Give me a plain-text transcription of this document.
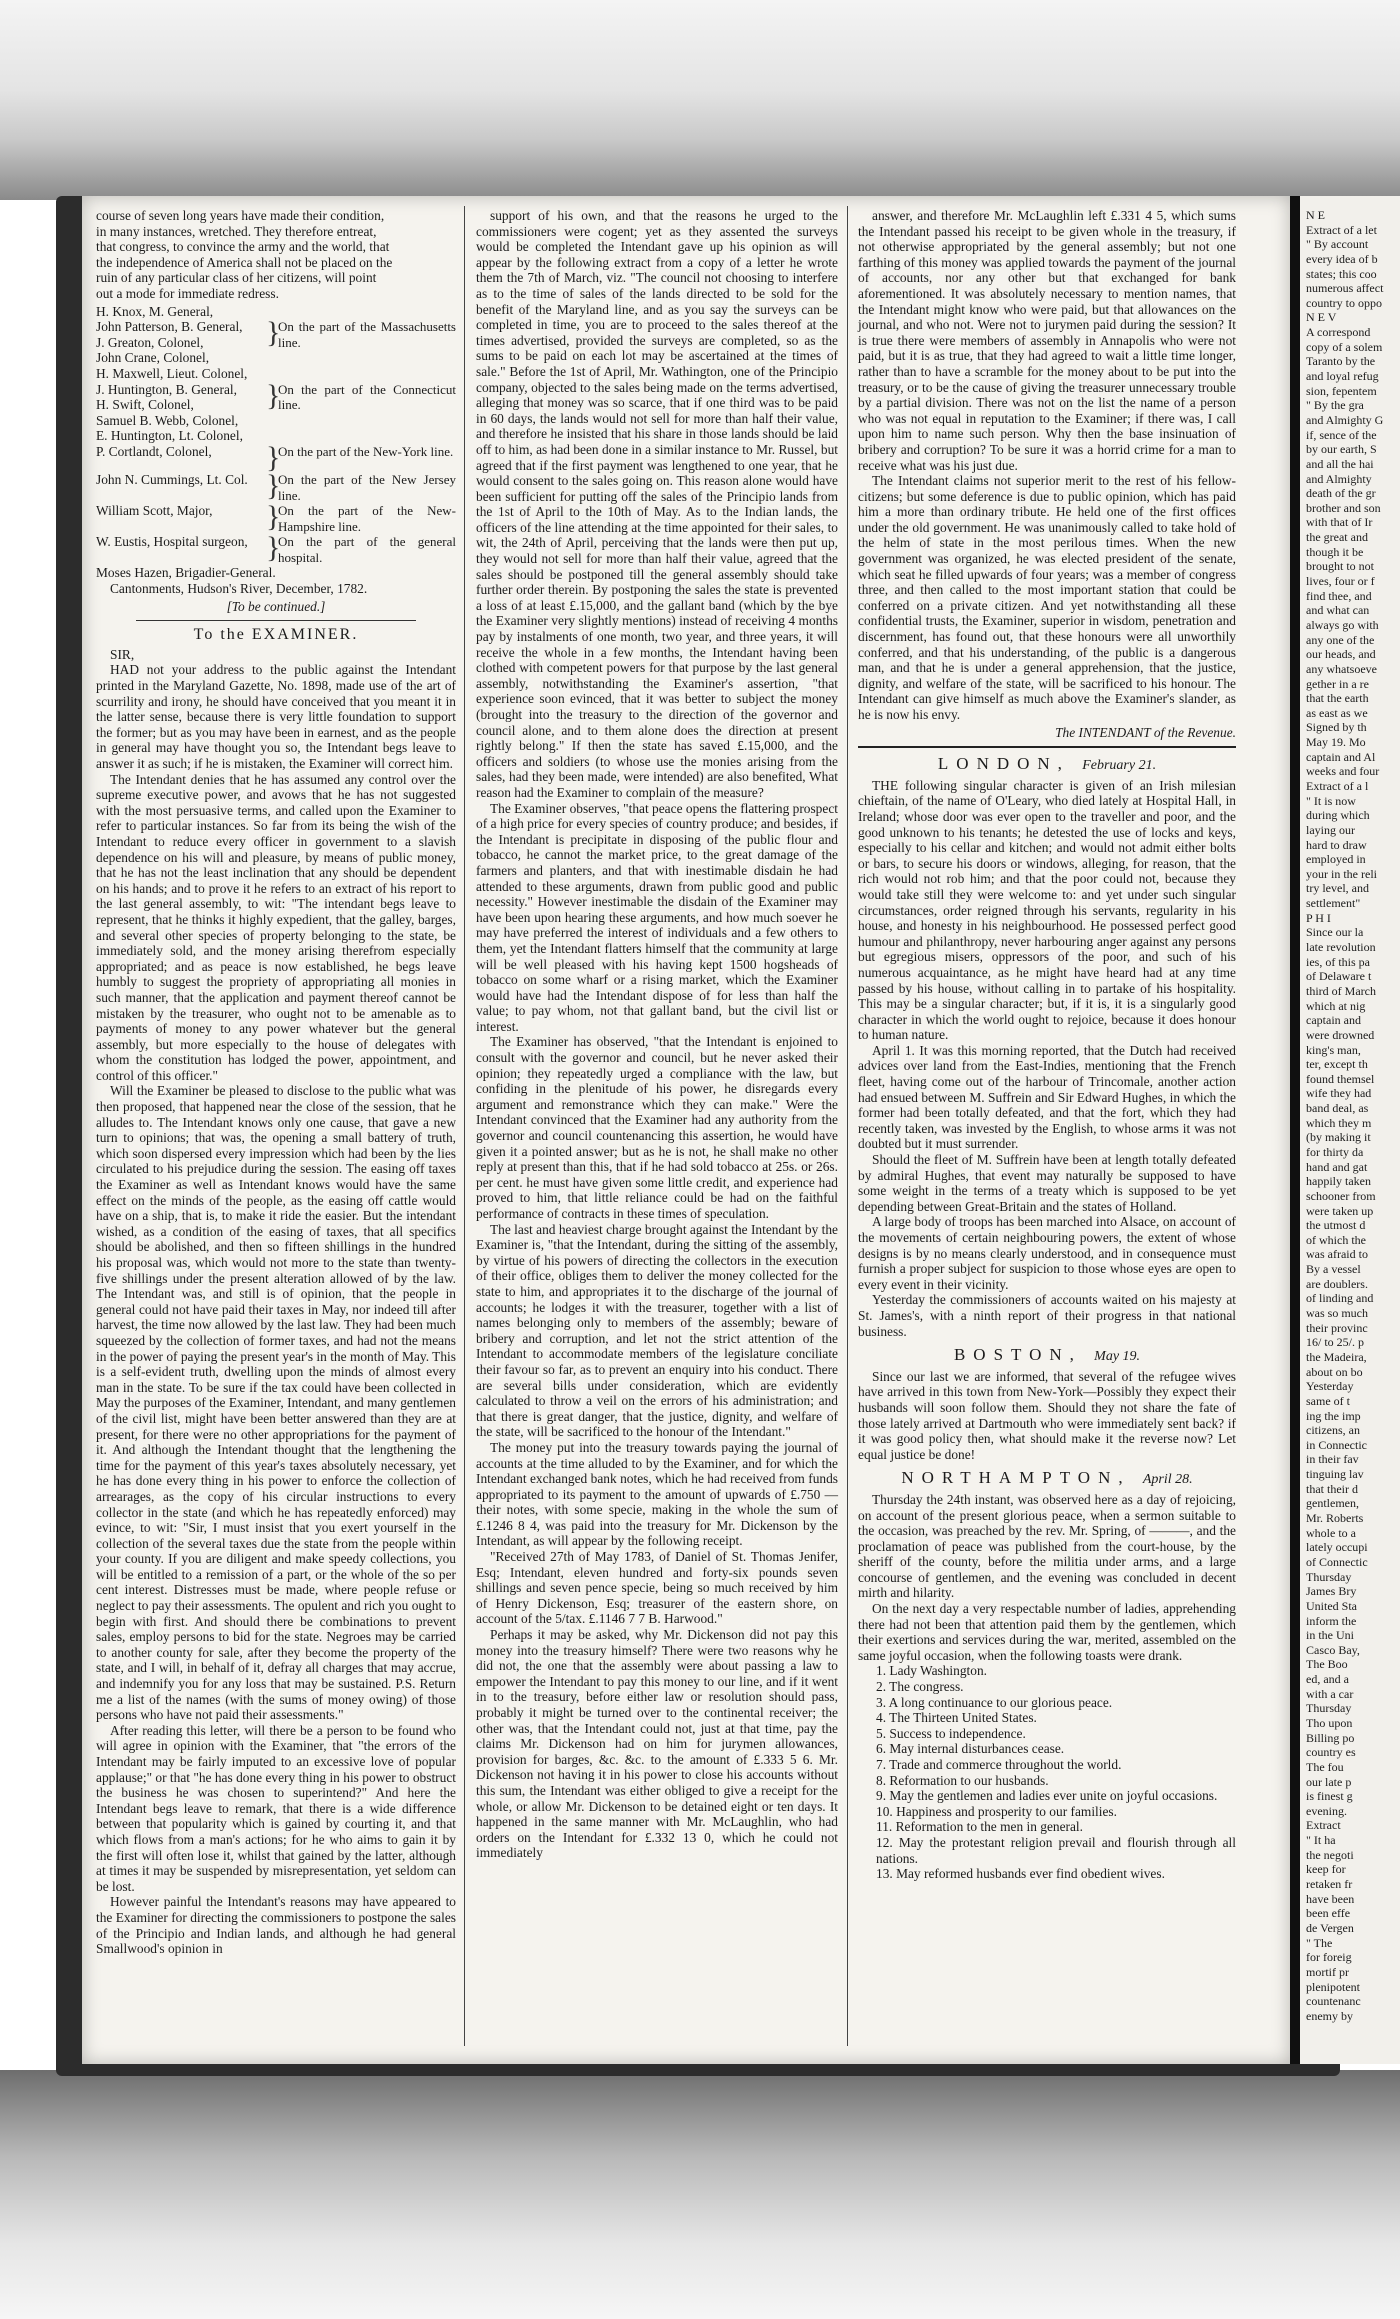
course of seven long years have made their condition,
in many instances, wretched. They therefore entreat,
that congress, to convince the army and the world, that
the independence of America shall not be placed on the
ruin of any particular class of her citizens, will point
out a mode for immediate redress.
H. Knox, M. General,
John Patterson, B. General,
J. Greaton, Colonel,
John Crane, Colonel,
H. Maxwell, Lieut. Colonel,
}
On the part of the Massachusetts line.
J. Huntington, B. General,
H. Swift, Colonel,
Samuel B. Webb, Colonel,
E. Huntington, Lt. Colonel,
}
On the part of the Connecticut line.
P. Cortlandt, Colonel,	}
On the part of the New-York line.
John N. Cummings, Lt. Col. }
On the part of the New Jersey line.
William Scott, Major,	}
On the part of the New-Hampshire line.
W. Eustis, Hospital surgeon, }
On the part of the general hospital.
Moses Hazen, Brigadier-General.
Cantonments, Hudson's River, December, 1782.
[To be continued.]
To the EXAMINER.
SIR,

HAD not your address to the public against the Intendant printed in the Maryland Gazette, No. 1898, made use of the art of scurrility and irony, he should have conceived that you meant it in the latter sense, because there is very little foundation to support the former; but as you may have been in earnest, and as the people in general may have thought you so, the Intendant begs leave to answer it as such; if he is mistaken, the Examiner will correct him.

The Intendant denies that he has assumed any control over the supreme executive power, and avows that he has not suggested with the most persuasive terms, and called upon the Examiner to refer to particular instances. So far from its being the wish of the Intendant to reduce every officer in government to a slavish dependence on his will and pleasure, by means of public money, that he has not the least inclination that any should be dependent on his hands; and to prove it he refers to an extract of his report to the last general assembly, to wit: "The intendant begs leave to represent, that he thinks it highly expedient, that the galley, barges, and several other species of property belonging to the state, be immediately sold, and the money arising therefrom especially appropriated; and as peace is now established, he begs leave humbly to suggest the propriety of appropriating all monies in such manner, that the application and payment thereof cannot be mistaken by the treasurer, who ought not to be amenable as to payments of money to any power whatever but the general assembly, but more especially to the house of delegates with whom the constitution has lodged the power, appointment, and control of this officer."

Will the Examiner be pleased to disclose to the public what was then proposed, that happened near the close of the session, that he alludes to. The Intendant knows only one cause, that gave a new turn to opinions; that was, the opening a small battery of truth, which soon dispersed every impression which had been by the lies circulated to his prejudice during the session. The easing off taxes the Examiner as well as Intendant knows would have the same effect on the minds of the people, as the easing off cattle would have on a ship, that is, to make it ride the easier. But the intendant wished, as a condition of the easing of taxes, that all specifics should be abolished, and then so fifteen shillings in the hundred his proposal was, which would not more to the state than twenty-five shillings under the present alteration allowed of by the law. The Intendant was, and still is of opinion, that the people in general could not have paid their taxes in May, nor indeed till after harvest, the time now allowed by the last law. They had been much squeezed by the collection of former taxes, and had not the means in the power of paying the present year's in the month of May. This is a self-evident truth, dwelling upon the minds of almost every man in the state. To be sure if the tax could have been collected in May the purposes of the Examiner, Intendant, and many gentlemen of the civil list, might have been better answered than they are at present, for there were no other appropriations for the payment of it. And although the Intendant thought that the lengthening the time for the payment of this year's taxes absolutely necessary, yet he has done every thing in his power to enforce the collection of arrearages, as the copy of his circular instructions to every collector in the state (and which he has repeatedly enforced) may evince, to wit: "Sir, I must insist that you exert yourself in the collection of the several taxes due the state from the people within your county. If you are diligent and make speedy collections, you will be entitled to a remission of a part, or the whole of the so per cent interest. Distresses must be made, where people refuse or neglect to pay their assessments. The opulent and rich you ought to begin with first. And should there be combinations to prevent sales, employ persons to bid for the state. Negroes may be carried to another county for sale, after they become the property of the state, and I will, in behalf of it, defray all charges that may accrue, and indemnify you for any loss that may be sustained. P.S. Return me a list of the names (with the sums of money owing) of those persons who have not paid their assessments."

After reading this letter, will there be a person to be found who will agree in opinion with the Examiner, that "the errors of the Intendant may be fairly imputed to an excessive love of popular applause;" or that "he has done every thing in his power to obstruct the business he was chosen to superintend?" And here the Intendant begs leave to remark, that there is a wide difference between that popularity which is gained by courting it, and that which flows from a man's actions; for he who aims to gain it by the first will often lose it, whilst that gained by the latter, although at times it may be suspended by misrepresentation, yet seldom can be lost.

However painful the Intendant's reasons may have appeared to the Examiner for directing the commissioners to postpone the sales of the Principio and Indian lands, and although he had general Smallwood's opinion in

support of his own, and that the reasons he urged to the commissioners were cogent; yet as they assented the surveys would be completed the Intendant gave up his opinion as will appear by the following extract from a copy of a letter he wrote them the 7th of March, viz. "The council not choosing to interfere as to the time of sales of the lands directed to be sold for the benefit of the Maryland line, and as you say the surveys can be completed in time, you are to proceed to the sales thereof at the times advertised, provided the surveys are completed, so as the sums to be paid on each lot may be ascertained at the times of sale." Before the 1st of April, Mr. Wathington, one of the Principio company, objected to the sales being made on the terms advertised, alleging that money was so scarce, that if one third was to be paid in 60 days, the lands would not sell for more than half their value, and therefore he insisted that his share in those lands should be laid off to him, as had been done in a similar instance to Mr. Russel, but agreed that if the first payment was lengthened to one year, that he would consent to the sales going on. This reason alone would have been sufficient for putting off the sales of the Principio lands from the 1st of April to the 10th of May. As to the Indian lands, the officers of the line attending at the time appointed for their sales, to wit, the 24th of April, perceiving that the lands were then put up, they would not sell for more than half their value, agreed that the sales should be postponed till the general assembly should take further order therein. By postponing the sales the state is prevented a loss of at least £.15,000, and the gallant band (which by the bye the Examiner very slightly mentions) instead of receiving 4 months pay by instalments of one month, two year, and three years, it will receive the whole in a few months, the Intendant having been clothed with competent powers for that purpose by the last general assembly, notwithstanding the Examiner's assertion, "that experience soon evinced, that it was better to subject the money (brought into the treasury to the direction of the governor and council alone, and to them alone does the direction at present rightly belong." If then the state has saved £.15,000, and the officers and soldiers (to whose use the monies arising from the sales, had they been made, were intended) are also benefited, What reason had the Examiner to complain of the measure?

The Examiner observes, "that peace opens the flattering prospect of a high price for every species of country produce; and besides, if the Intendant is precipitate in disposing of the public flour and tobacco, he cannot the market price, to the great damage of the farmers and planters, and that with inestimable disdain he had attended to these arguments, drawn from public good and public necessity." However inestimable the disdain of the Examiner may have been upon hearing these arguments, and how much soever he may have preferred the interest of individuals and a few others to them, yet the Intendant flatters himself that the community at large will be well pleased with his having kept 1500 hogsheads of tobacco on some wharf or a rising market, which the Examiner would have had the Intendant dispose of for less than half the value; to pay whom, not that gallant band, but the civil list or interest.

The Examiner has observed, "that the Intendant is enjoined to consult with the governor and council, but he never asked their opinion; they repeatedly urged a compliance with the law, but confiding in the plenitude of his power, he disregards every argument and remonstrance which they can make." Were the Intendant convinced that the Examiner had any authority from the governor and council countenancing this assertion, he would have given it a pointed answer; but as he is not, he shall make no other reply at present than this, that if he had sold tobacco at 25s. or 26s. per cent. he must have given some little credit, and experience had proved to him, that little reliance could be had on the faithful performance of contracts in these times of speculation.

The last and heaviest charge brought against the Intendant by the Examiner is, "that the Intendant, during the sitting of the assembly, by virtue of his powers of directing the collectors in the execution of their office, obliges them to deliver the money collected for the state to him, and appropriates it to the discharge of the journal of accounts; he lodges it with the treasurer, together with a list of names belonging only to members of the assembly; beware of bribery and corruption, and let not the strict attention of the Intendant to accommodate members of the legislature conciliate their favour so far, as to prevent an enquiry into his conduct. There are several bills under consideration, which are evidently calculated to throw a veil on the errors of his administration; and that there is great danger, that the justice, dignity, and welfare of the state, will be sacrificed to the honour of the Intendant."

The money put into the treasury towards paying the journal of accounts at the time alluded to by the Examiner, and for which the Intendant exchanged bank notes, which he had received from funds appropriated to its payment to the amount of upwards of £.750 — their notes, with some specie, making in the whole the sum of £.1246 8 4, was paid into the treasury for Mr. Dickenson by the Intendant, as will appear by the following receipt.

"Received 27th of May 1783, of Daniel of St. Thomas Jenifer, Esq; Intendant, eleven hundred and forty-six pounds seven shillings and seven pence specie, being so much received by him of Henry Dickenson, Esq; treasurer of the eastern shore, on account of the 5/tax. £.1146 7 7 B. Harwood."

Perhaps it may be asked, why Mr. Dickenson did not pay this money into the treasury himself? There were two reasons why he did not, the one that the assembly were about passing a law to empower the Intendant to pay this money to our line, and if it went in to the treasury, before either law or resolution should pass, probably it might be turned over to the continental receiver; the other was, that the Intendant could not, just at that time, pay the claims Mr. Dickenson had on him for jurymen allowances, provision for barges, &c. &c. to the amount of £.333 5 6. Mr. Dickenson not having it in his power to close his accounts without this sum, the Intendant was either obliged to give a receipt for the whole, or allow Mr. Dickenson to be detained eight or ten days. It happened in the same manner with Mr. McLaughlin, who had orders on the Intendant for £.332 13 0, which he could not immediately

answer, and therefore Mr. McLaughlin left £.331 4 5, which sums the Intendant passed his receipt to be given whole in the treasury, if not otherwise appropriated by the general assembly; but not one farthing of this money was applied towards the payment of the journal of accounts, nor any other but that exchanged for bank aforementioned. It was absolutely necessary to mention names, that the Intendant might know who were paid, but that allowances on the journal, and who not. Were not to jurymen paid during the session? It is true there were members of assembly in Annapolis who were not paid, but it is as true, that they had agreed to wait a little time longer, rather than to have a scramble for the money about to be put into the treasury, or to be the cause of giving the treasurer unnecessary trouble by a partial division. There was not on the list the name of a person who was not equal in reputation to the Examiner; if there was, I call upon him to name such person. Why then the base insinuation of bribery and corruption? To be sure it was a horrid crime for a man to receive what was his just due.

The Intendant claims not superior merit to the rest of his fellow-citizens; but some deference is due to public opinion, which has paid him a more than ordinary tribute. He held one of the first offices under the old government. He was unanimously called to take hold of the helm of state in the most perilous times. When the new government was organized, he was elected president of the senate, which seat he filled upwards of four years; was a member of congress three, and then called to the most important station that could be conferred on a private citizen. And yet notwithstanding all these confidential trusts, the Examiner, superior in wisdom, penetration and discernment, has found out, that these honours were all unworthily conferred, and that his understanding, of the public is a dangerous man, and that he is under a general apprehension, that the justice, dignity, and welfare of the state, will be sacrificed to his honour. The Intendant can give himself as much above the Examiner's slander, as he is now his envy.

The INTENDANT of the Revenue.
LONDON, February 21.

THE following singular character is given of an Irish milesian chieftain, of the name of O'Leary, who died lately at Hospital Hall, in Ireland; whose door was ever open to the traveller and poor, and the good unknown to his tenants; he detested the use of locks and keys, especially to his cellar and kitchen; and would not admit either bolts or bars, to secure his doors or windows, alleging, for reason, that the rich would not rob him; and that the poor could not, because they would take still they were welcome to: and yet under such singular circumstances, order reigned through his servants, regularity in his house, and honesty in his neighbourhood. He possessed perfect good humour and philanthropy, never harbouring anger against any persons but egregious misers, oppressors of the poor, and such of his numerous acquaintance, as he might have heard had at any time passed by his house, without calling in to partake of his hospitality. This may be a singular character; but, if it is, it is a singularly good character in which the world ought to rejoice, because it does honour to human nature.

April 1. It was this morning reported, that the Dutch had received advices over land from the East-Indies, mentioning that the French fleet, having come out of the harbour of Trincomale, another action had ensued between M. Suffrein and Sir Edward Hughes, in which the former had been totally defeated, and that the fort, which they had recently taken, was invested by the English, to whose arms it was not doubted but it must surrender.

Should the fleet of M. Suffrein have been at length totally defeated by admiral Hughes, that event may naturally be supposed to have some weight in the terms of a treaty which is supposed to be yet depending between Great-Britain and the states of Holland.

A large body of troops has been marched into Alsace, on account of the movements of certain neighbouring powers, the extent of whose designs is by no means clearly understood, and in consequence must furnish a proper subject for suspicion to those whose eyes are open to every event in their vicinity.

Yesterday the commissioners of accounts waited on his majesty at St. James's, with a ninth report of their progress in that national business.

BOSTON, May 19.

Since our last we are informed, that several of the refugee wives have arrived in this town from New-York—Possibly they expect their husbands will soon follow them. Should they not share the fate of those lately arrived at Dartmouth who were immediately sent back? if it was good policy then, what should make it the reverse now? Let equal justice be done!

NORTHAMPTON, April 28.

Thursday the 24th instant, was observed here as a day of rejoicing, on account of the present glorious peace, when a sermon suitable to the occasion, was preached by the rev. Mr. Spring, of ———, and the proclamation of peace was published from the court-house, by the sheriff of the county, before the militia under arms, and a large concourse of gentlemen, and the evening was concluded in decent mirth and hilarity.

On the next day a very respectable number of ladies, apprehending there had not been that attention paid them by the gentlemen, which their exertions and services during the war, merited, assembled on the same joyful occasion, when the following toasts were drank.

1. Lady Washington.
2. The congress.
3. A long continuance to our glorious peace.
4. The Thirteen United States.
5. Success to independence.
6. May internal disturbances cease.
7. Trade and commerce throughout the world.
8. Reformation to our husbands.
9. May the gentlemen and ladies ever unite on joyful occasions.
10. Happiness and prosperity to our families.
11. Reformation to the men in general.
12. May the protestant religion prevail and flourish through all nations.
13. May reformed husbands ever find obedient wives.
N E
Extract of a let
" By account
every idea of b
states; this coo
numerous affect
country to oppo
N E V
A correspond
copy of a solem
Taranto by the
and loyal refug
sion, fepentem
" By the gra
and Almighty G
if, sence of the
by our earth, S
and all the hai
and Almighty
death of the gr
brother and son
with that of Ir
the great and
though it be
brought to not
lives, four or f
find thee, and
and what can
always go with
any one of the
our heads, and
any whatsoeve
gether in a re
that the earth
as east as we
Signed by th
May 19. Mo
captain and Al
weeks and four
Extract of a l
" It is now
during which
laying our
hard to draw
employed in
your in the reli
try level, and
settlement"
P H I
Since our la
late revolution
ies, of this pa
of Delaware t
third of March
which at nig
captain and
were drowned
king's man,
ter, except th
found themsel
wife they had
band deal, as
which they m
(by making it
for thirty da
hand and gat
happily taken
schooner from
were taken up
the utmost d
of which the
was afraid to
By a vessel
are doublers.
of linding and
was so much
their provinc
16/ to 25/. p
the Madeira,
about on bo
Yesterday
same of t
ing the imp
citizens, an
in Connectic
in their fav
tinguing lav
that their d
gentlemen,
Mr. Roberts
whole to a
lately occupi
of Connectic
Thursday
James Bry
United Sta
inform the
in the Uni
Casco Bay,
The Boo
ed, and a
with a car
Thursday
Tho upon
Billing po
country es
The fou
our late p
is finest g
evening.
Extract
" It ha
the negoti
keep for
retaken fr
have been
been effe
de Vergen
" The
for foreig
mortif pr
plenipotent
countenanc
enemy by
